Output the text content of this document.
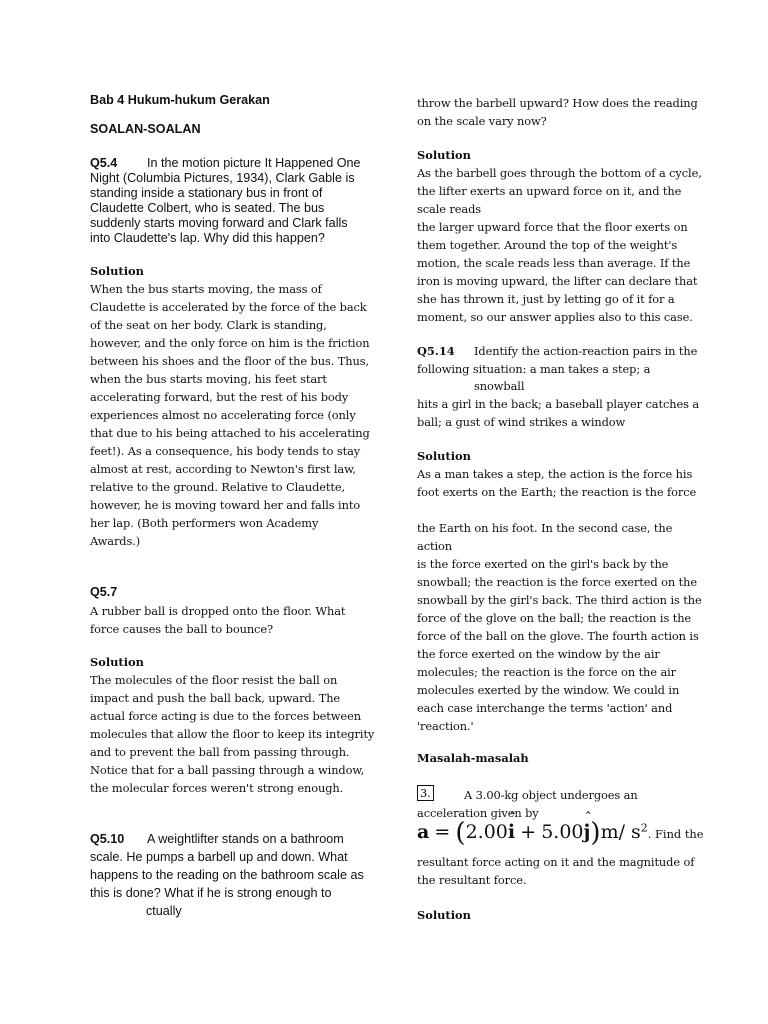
Bab 4 Hukum-hukum Gerakan
SOALAN-SOALAN
Q5.4 In the motion picture It Happened One
Night (Columbia Pictures, 1934), Clark Gable is
standing inside a stationary bus in front of
Claudette Colbert, who is seated. The bus
suddenly starts moving forward and Clark falls
into Claudette's lap. Why did this happen?
Solution
When the bus starts moving, the mass of
Claudette is accelerated by the force of the back
of the seat on her body. Clark is standing,
however, and the only force on him is the friction
between his shoes and the floor of the bus. Thus,
when the bus starts moving, his feet start
accelerating forward, but the rest of his body
experiences almost no accelerating force (only
that due to his being attached to his accelerating
feet!). As a consequence, his body tends to stay
almost at rest, according to Newton's first law,
relative to the ground. Relative to Claudette,
however, he is moving toward her and falls into
her lap. (Both performers won Academy
Awards.)
Q5.7
A rubber ball is dropped onto the floor. What
force causes the ball to bounce?
Solution
The molecules of the floor resist the ball on
impact and push the ball back, upward. The
actual force acting is due to the forces between
molecules that allow the floor to keep its integrity
and to prevent the ball from passing through.
Notice that for a ball passing through a window,
the molecular forces weren't strong enough.
Q5.10 A weightlifter stands on a bathroom
scale. He pumps a barbell up and down. What
happens to the reading on the bathroom scale as
this is done? What if he is strong enough to
ctually
throw the barbell upward? How does the reading
on the scale vary now?
Solution
As the barbell goes through the bottom of a cycle,
the lifter exerts an upward force on it, and the
scale reads
the larger upward force that the floor exerts on
them together. Around the top of the weight's
motion, the scale reads less than average. If the
iron is moving upward, the lifter can declare that
she has thrown it, just by letting go of it for a
moment, so our answer applies also to this case.
Q5.14 Identify the action-reaction pairs in the
following situation: a man takes a step; a
snowball
hits a girl in the back; a baseball player catches a
ball; a gust of wind strikes a window
Solution
As a man takes a step, the action is the force his
foot exerts on the Earth; the reaction is the force
the Earth on his foot. In the second case, the
action
is the force exerted on the girl's back by the
snowball; the reaction is the force exerted on the
snowball by the girl's back. The third action is the
force of the glove on the ball; the reaction is the
force of the ball on the glove. The fourth action is
the force exerted on the window by the air
molecules; the reaction is the force on the air
molecules exerted by the window. We could in
each case interchange the terms 'action' and
'reaction.'
Masalah-masalah
3.	A 3.00-kg object undergoes an
acceleration given by
a = (2.00ˆ i + 5.00ˆ j)m/ $s^2$. Find the
resultant force acting on it and the magnitude of
the resultant force.
Solution
